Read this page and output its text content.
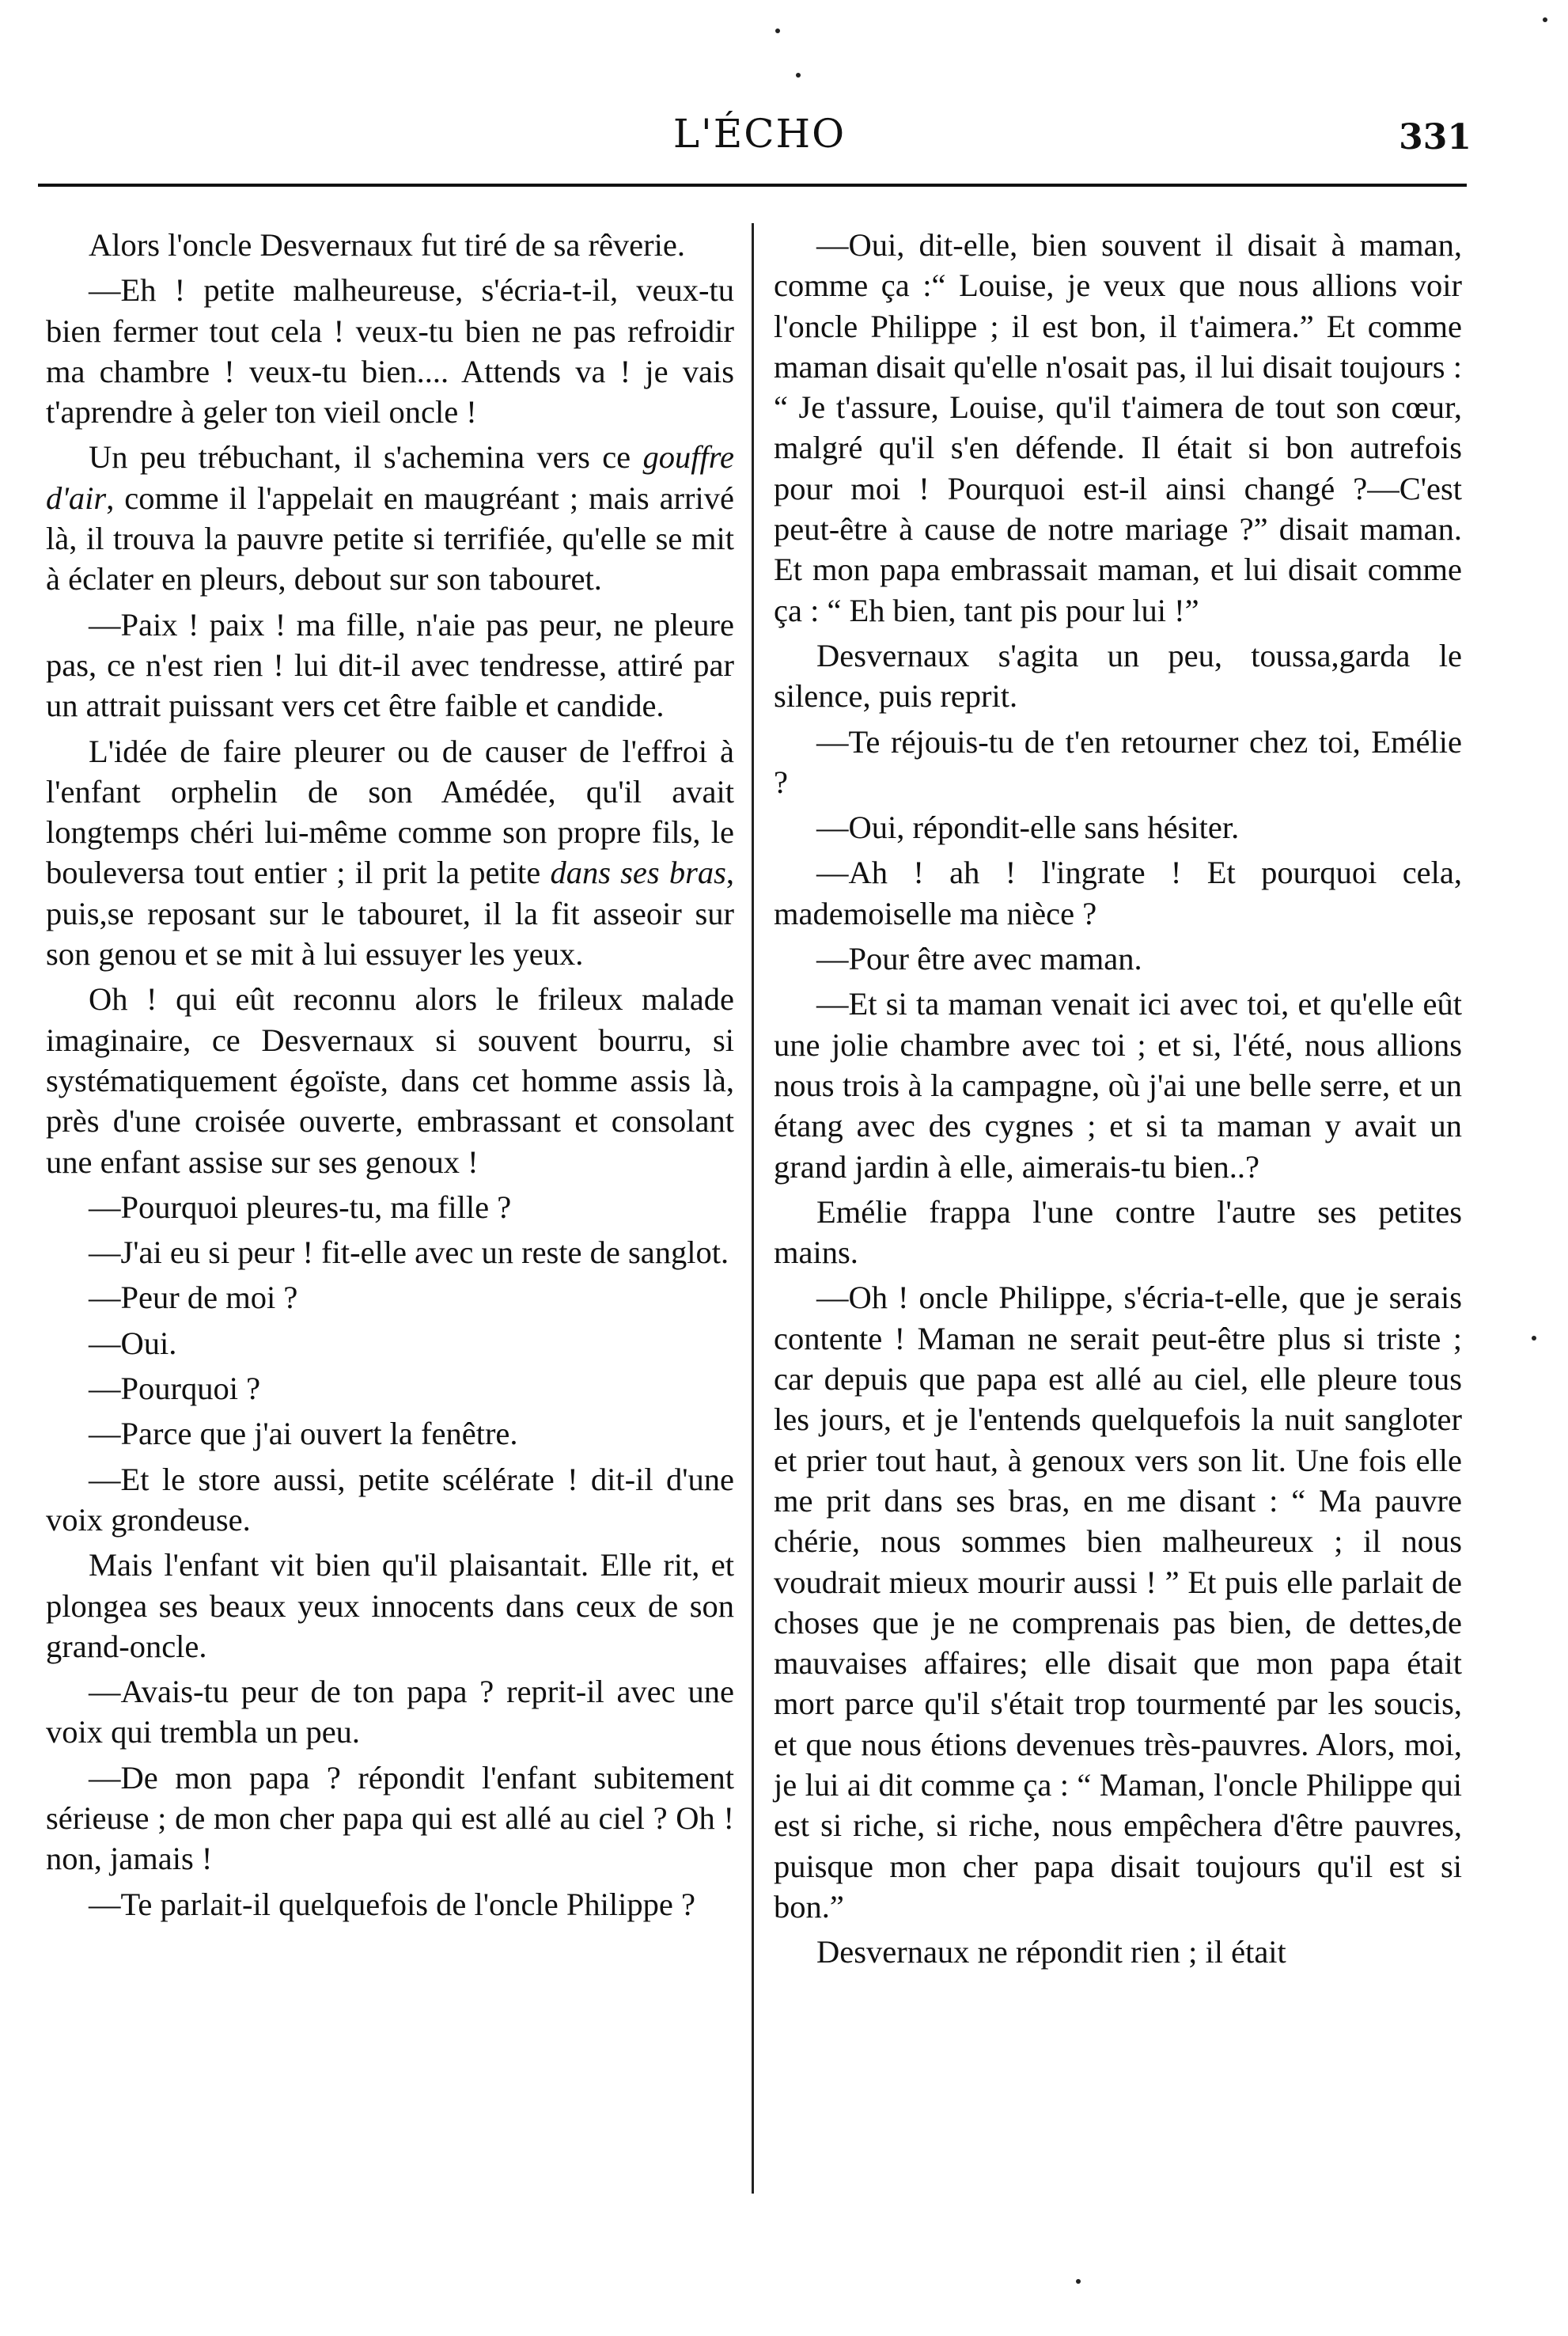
L'ÉCHO	331

Alors l'oncle Desvernaux fut tiré de sa rêverie.

—Eh ! petite malheureuse, s'écria-t-il, veux-tu bien fermer tout cela ! veux-tu bien ne pas refroidir ma chambre ! veux-tu bien.... Attends va ! je vais t'aprendre à geler ton vieil oncle !

Un peu trébuchant, il s'achemina vers ce gouffre d'air, comme il l'appelait en maugréant ; mais arrivé là, il trouva la pauvre petite si terrifiée, qu'elle se mit à éclater en pleurs, debout sur son tabouret.

—Paix ! paix ! ma fille, n'aie pas peur, ne pleure pas, ce n'est rien ! lui dit-il avec tendresse, attiré par un attrait puissant vers cet être faible et candide.

L'idée de faire pleurer ou de causer de l'effroi à l'enfant orphelin de son Amédée, qu'il avait longtemps chéri lui-même comme son propre fils, le bouleversa tout entier ; il prit la petite dans ses bras, puis,se reposant sur le tabouret, il la fit asseoir sur son genou et se mit à lui essuyer les yeux.

Oh ! qui eût reconnu alors le frileux malade imaginaire, ce Desvernaux si souvent bourru, si systématiquement égoïste, dans cet homme assis là, près d'une croisée ouverte, embrassant et consolant une enfant assise sur ses genoux !

—Pourquoi pleures-tu, ma fille ?

—J'ai eu si peur ! fit-elle avec un reste de sanglot.

—Peur de moi ?

—Oui.

—Pourquoi ?

—Parce que j'ai ouvert la fenêtre.

—Et le store aussi, petite scélérate ! dit-il d'une voix grondeuse.

Mais l'enfant vit bien qu'il plaisantait. Elle rit, et plongea ses beaux yeux innocents dans ceux de son grand-oncle.

—Avais-tu peur de ton papa ? reprit-il avec une voix qui trembla un peu.

—De mon papa ? répondit l'enfant subitement sérieuse ; de mon cher papa qui est allé au ciel ? Oh ! non, jamais !

—Te parlait-il quelquefois de l'oncle Philippe ?

—Oui, dit-elle, bien souvent il disait à maman, comme ça :“ Louise, je veux que nous allions voir l'oncle Philippe ; il est bon, il t'aimera.” Et comme maman disait qu'elle n'osait pas, il lui disait toujours : “ Je t'assure, Louise, qu'il t'aimera de tout son cœur, malgré qu'il s'en défende. Il était si bon autrefois pour moi ! Pourquoi est-il ainsi changé ?—C'est peut-être à cause de notre mariage ?” disait maman. Et mon papa embrassait maman, et lui disait comme ça : “ Eh bien, tant pis pour lui !”

Desvernaux s'agita un peu, toussa,garda le silence, puis reprit.

—Te réjouis-tu de t'en retourner chez toi, Emélie ?

—Oui, répondit-elle sans hésiter.

—Ah ! ah ! l'ingrate ! Et pourquoi cela, mademoiselle ma nièce ?

—Pour être avec maman.

—Et si ta maman venait ici avec toi, et qu'elle eût une jolie chambre avec toi ; et si, l'été, nous allions nous trois à la campagne, où j'ai une belle serre, et un étang avec des cygnes ; et si ta maman y avait un grand jardin à elle, aimerais-tu bien..?

Emélie frappa l'une contre l'autre ses petites mains.

—Oh ! oncle Philippe, s'écria-t-elle, que je serais contente ! Maman ne serait peut-être plus si triste ; car depuis que papa est allé au ciel, elle pleure tous les jours, et je l'entends quelquefois la nuit sangloter et prier tout haut, à genoux vers son lit. Une fois elle me prit dans ses bras, en me disant : “ Ma pauvre chérie, nous sommes bien malheureux ; il nous voudrait mieux mourir aussi ! ” Et puis elle parlait de choses que je ne comprenais pas bien, de dettes,de mauvaises affaires; elle disait que mon papa était mort parce qu'il s'était trop tourmenté par les soucis, et que nous étions devenues très-pauvres. Alors, moi, je lui ai dit comme ça : “ Maman, l'oncle Philippe qui est si riche, si riche, nous empêchera d'être pauvres, puisque mon cher papa disait toujours qu'il est si bon.”

Desvernaux ne répondit rien ; il était
